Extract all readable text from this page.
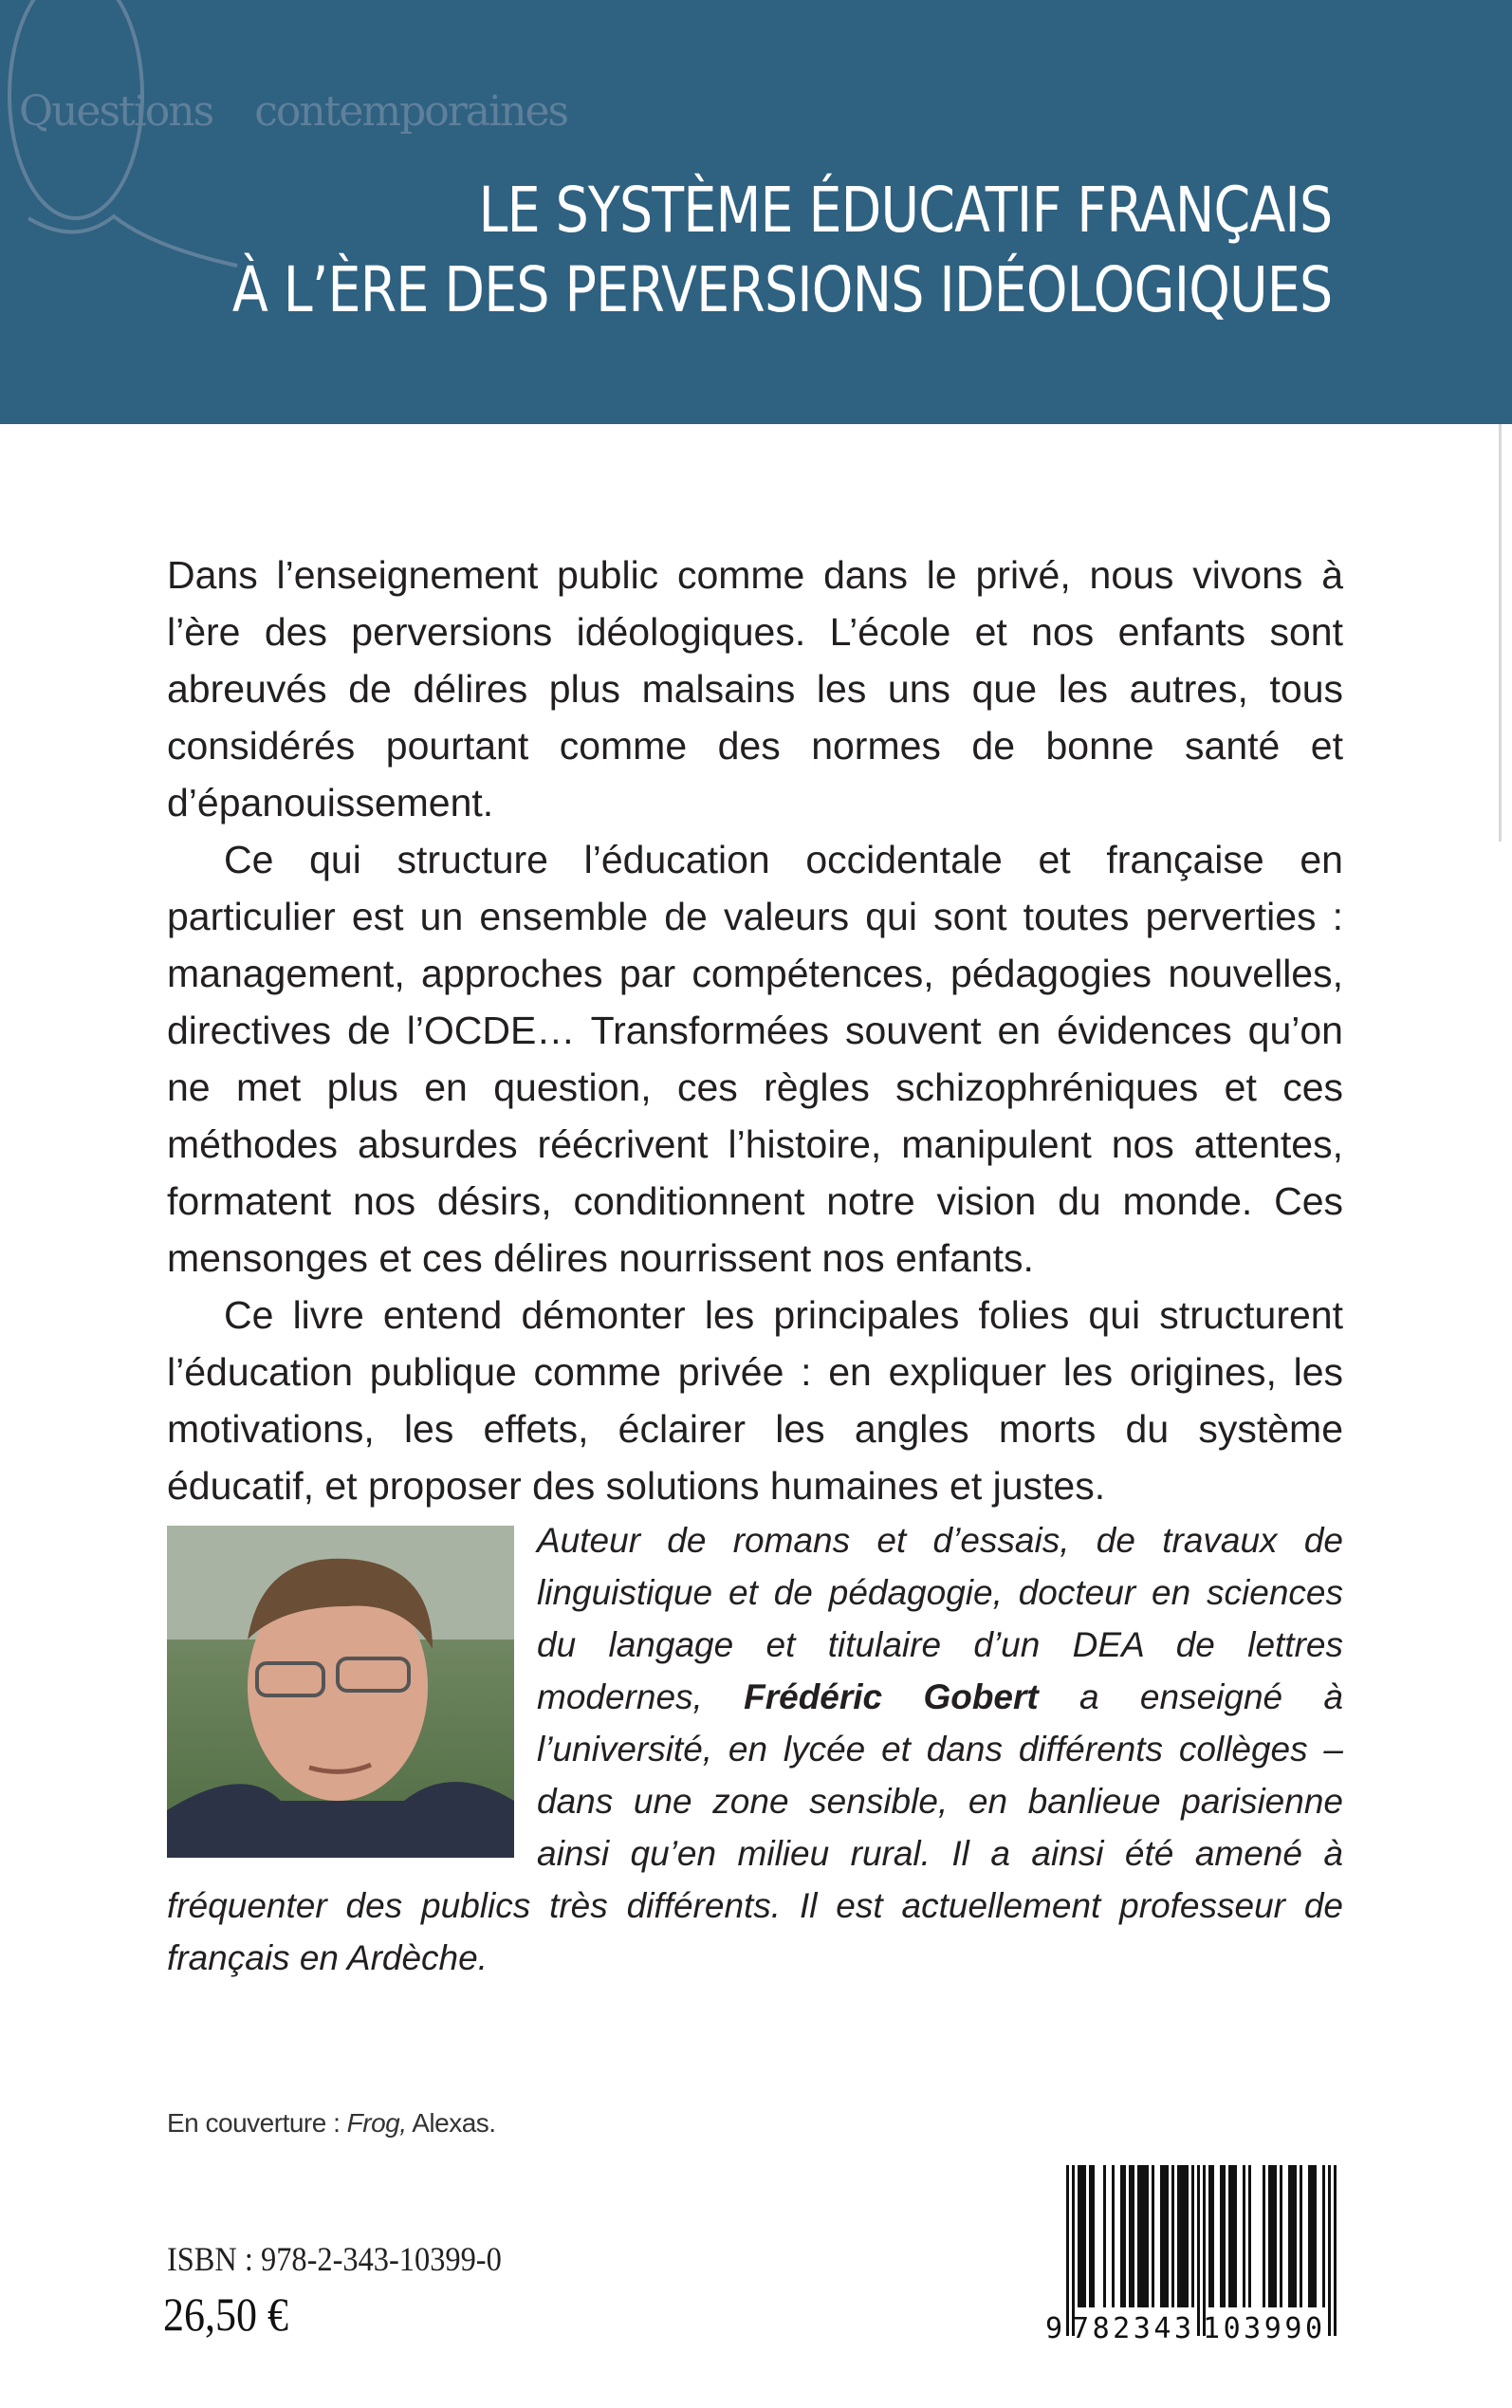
Questions contemporaines
LE SYSTÈME ÉDUCATIF FRANÇAIS
À L’ÈRE DES PERVERSIONS IDÉOLOGIQUES

Dans l’enseignement public comme dans le privé, nous vivons à l’ère des perversions idéologiques. L’école et nos enfants sont abreuvés de délires plus malsains les uns que les autres, tous considérés pourtant comme des normes de bonne santé et d’épanouissement.

Ce qui structure l’éducation occidentale et française en particulier est un ensemble de valeurs qui sont toutes perverties : management, approches par compétences, pédagogies nouvelles, directives de l’OCDE… Transformées souvent en évidences qu’on ne met plus en question, ces règles schizophréniques et ces méthodes absurdes réécrivent l’histoire, manipulent nos attentes, formatent nos désirs, conditionnent notre vision du monde. Ces mensonges et ces délires nourrissent nos enfants.

Ce livre entend démonter les principales folies qui structurent l’éducation publique comme privée : en expliquer les origines, les motivations, les effets, éclairer les angles morts du système éducatif, et proposer des solutions humaines et justes.

Auteur de romans et d’essais, de travaux de linguistique et de pédagogie, docteur en sciences du langage et titulaire d’un DEA de lettres modernes, Frédéric Gobert a enseigné à l’université, en lycée et dans différents collèges – dans une zone sensible, en banlieue parisienne ainsi qu’en milieu rural. Il a ainsi été amené à fréquenter des publics très différents. Il est actuellement professeur de français en Ardèche.
En couverture : Frog, Alexas.
ISBN : 978-2-343-10399-0
26,50 €	9 782343 103990
